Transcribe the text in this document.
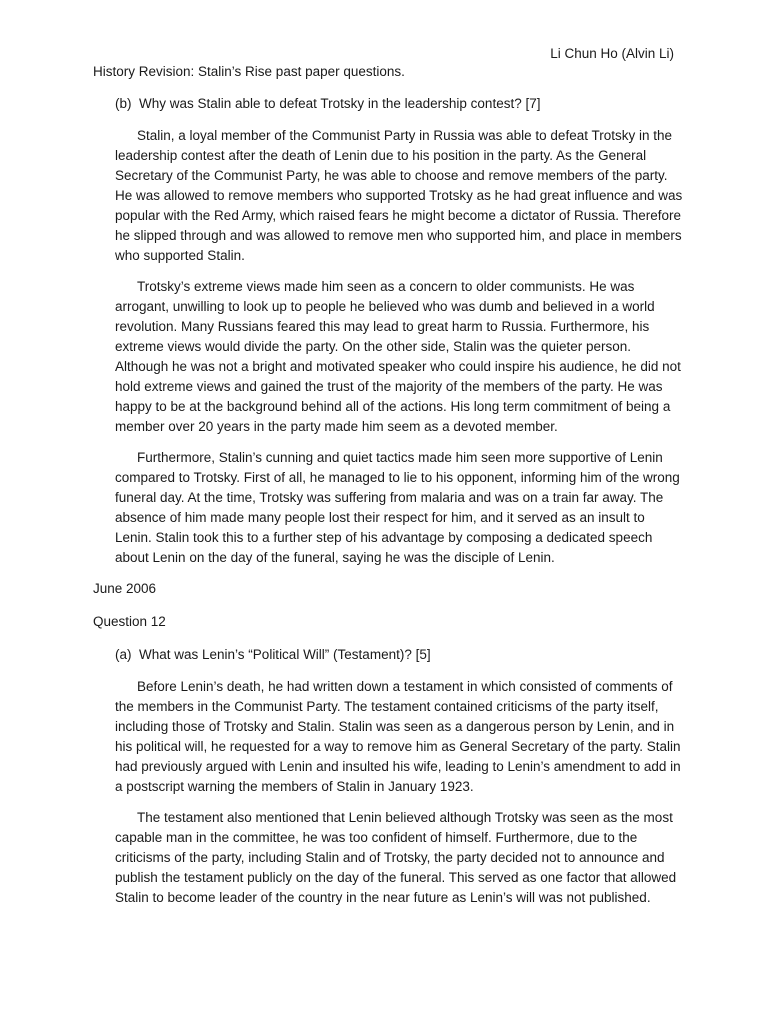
Li Chun Ho (Alvin Li)

History Revision: Stalin’s Rise past paper questions.

(b) Why was Stalin able to defeat Trotsky in the leadership contest? [7]

Stalin, a loyal member of the Communist Party in Russia was able to defeat Trotsky in the leadership contest after the death of Lenin due to his position in the party. As the General Secretary of the Communist Party, he was able to choose and remove members of the party. He was allowed to remove members who supported Trotsky as he had great influence and was popular with the Red Army, which raised fears he might become a dictator of Russia. Therefore he slipped through and was allowed to remove men who supported him, and place in members who supported Stalin.

Trotsky’s extreme views made him seen as a concern to older communists. He was arrogant, unwilling to look up to people he believed who was dumb and believed in a world revolution. Many Russians feared this may lead to great harm to Russia. Furthermore, his extreme views would divide the party. On the other side, Stalin was the quieter person. Although he was not a bright and motivated speaker who could inspire his audience, he did not hold extreme views and gained the trust of the majority of the members of the party. He was happy to be at the background behind all of the actions. His long term commitment of being a member over 20 years in the party made him seem as a devoted member.

Furthermore, Stalin’s cunning and quiet tactics made him seen more supportive of Lenin compared to Trotsky. First of all, he managed to lie to his opponent, informing him of the wrong funeral day. At the time, Trotsky was suffering from malaria and was on a train far away. The absence of him made many people lost their respect for him, and it served as an insult to Lenin. Stalin took this to a further step of his advantage by composing a dedicated speech about Lenin on the day of the funeral, saying he was the disciple of Lenin.

June 2006

Question 12

(a) What was Lenin’s “Political Will” (Testament)? [5]

Before Lenin’s death, he had written down a testament in which consisted of comments of the members in the Communist Party. The testament contained criticisms of the party itself, including those of Trotsky and Stalin. Stalin was seen as a dangerous person by Lenin, and in his political will, he requested for a way to remove him as General Secretary of the party. Stalin had previously argued with Lenin and insulted his wife, leading to Lenin’s amendment to add in a postscript warning the members of Stalin in January 1923.

The testament also mentioned that Lenin believed although Trotsky was seen as the most capable man in the committee, he was too confident of himself. Furthermore, due to the criticisms of the party, including Stalin and of Trotsky, the party decided not to announce and publish the testament publicly on the day of the funeral. This served as one factor that allowed Stalin to become leader of the country in the near future as Lenin’s will was not published.
